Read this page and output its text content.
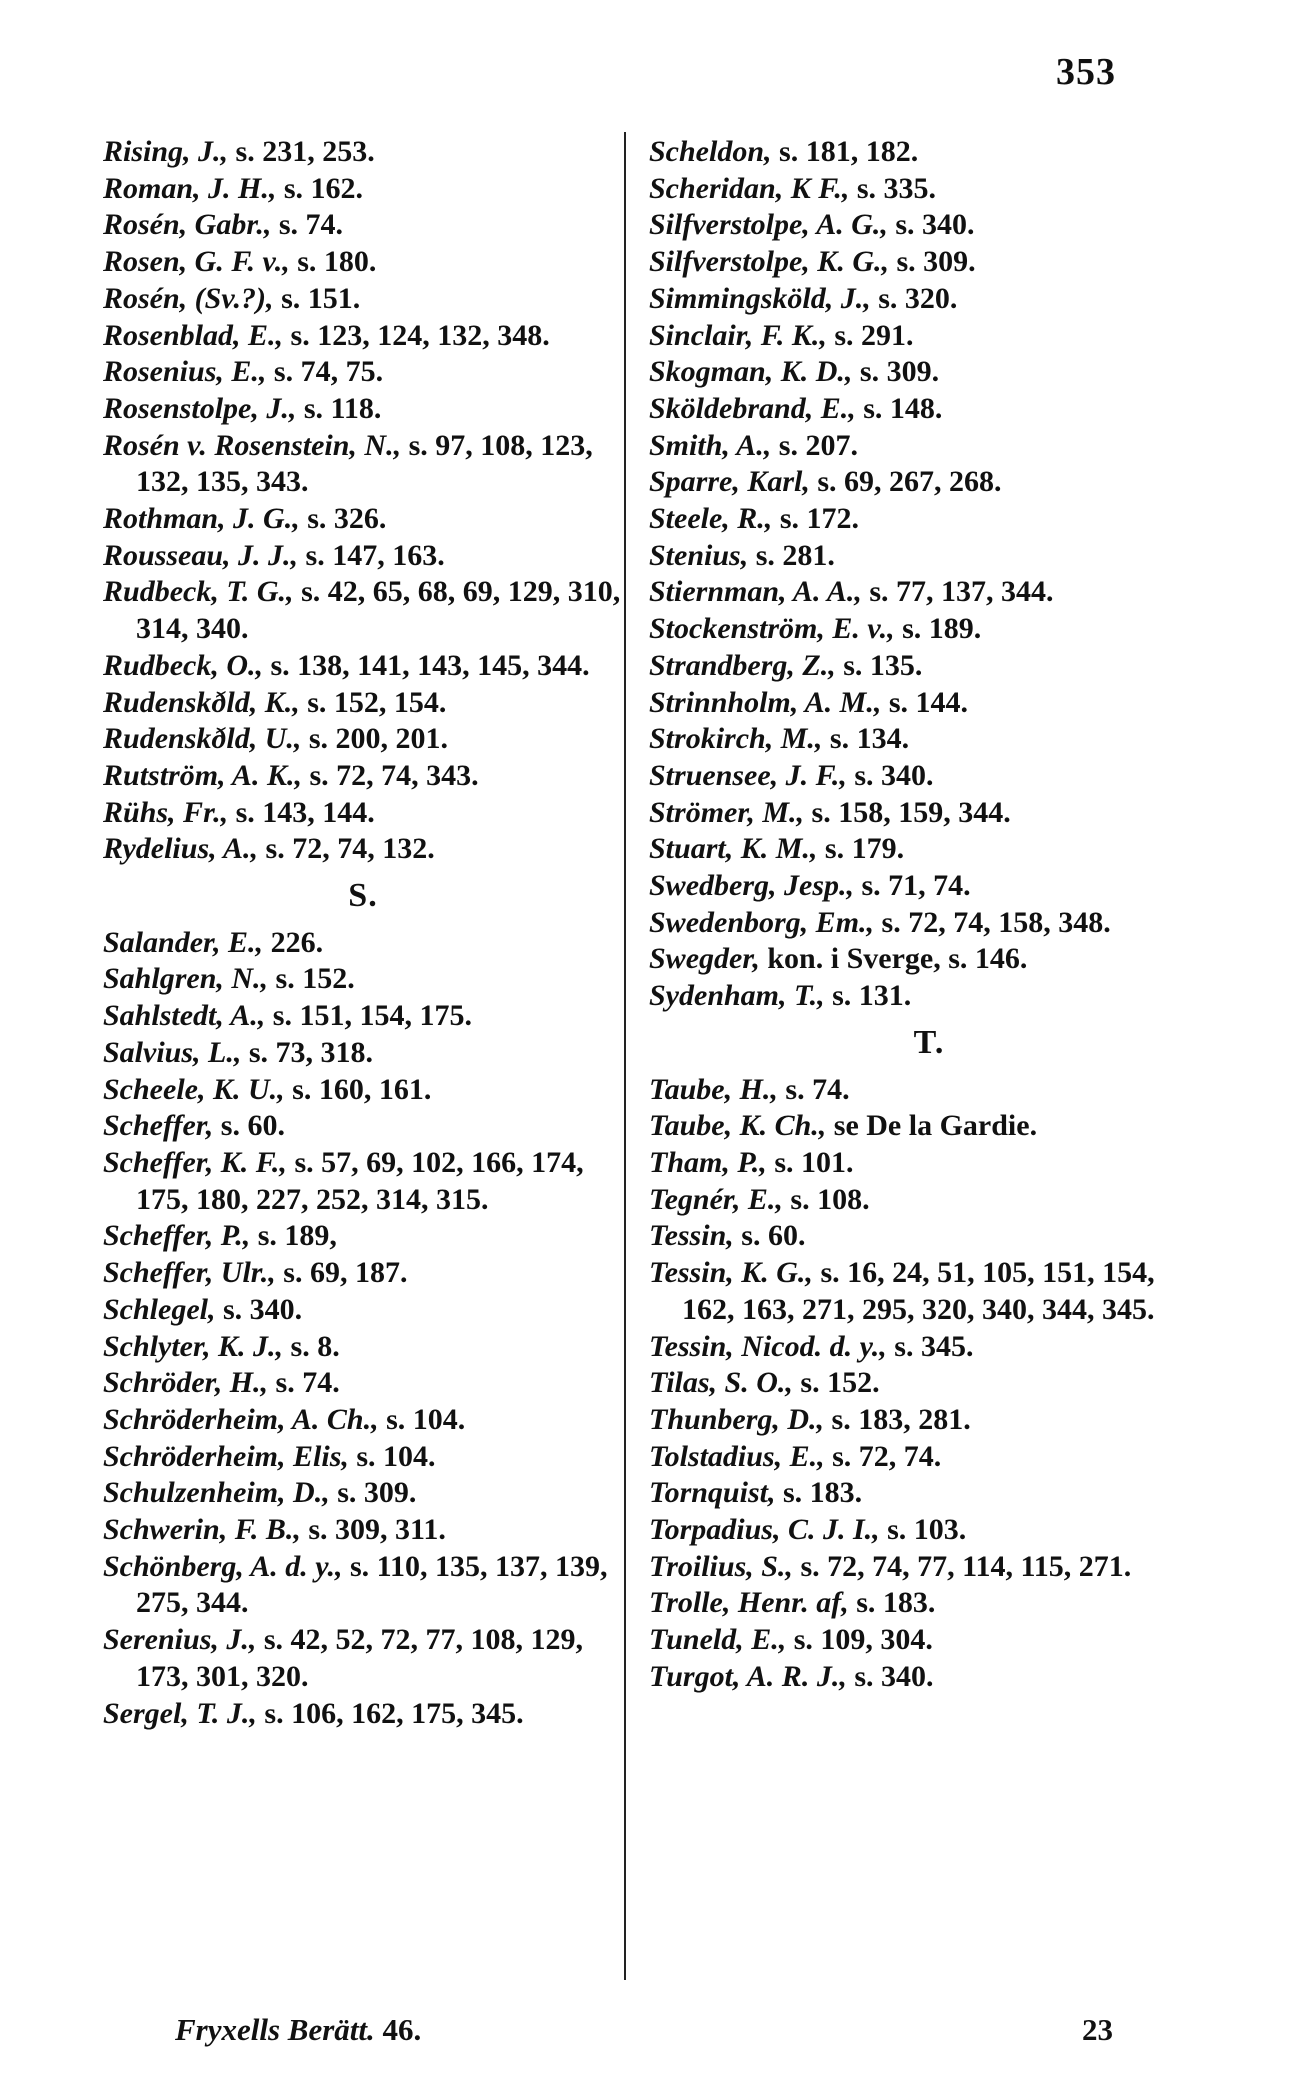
353

Rising, J., s. 231, 253.

Roman, J. H., s. 162.

Rosén, Gabr., s. 74.

Rosen, G. F. v., s. 180.

Rosén, (Sv.?), s. 151.

Rosenblad, E., s. 123, 124, 132, 348.

Rosenius, E., s. 74, 75.

Rosenstolpe, J., s. 118.

Rosén v. Rosenstein, N., s. 97, 108, 123, 132, 135, 343.

Rothman, J. G., s. 326.

Rousseau, J. J., s. 147, 163.

Rudbeck, T. G., s. 42, 65, 68, 69, 129, 310, 314, 340.

Rudbeck, O., s. 138, 141, 143, 145, 344.

Rudenskðld, K., s. 152, 154.

Rudenskðld, U., s. 200, 201.

Rutström, A. K., s. 72, 74, 343.

Rühs, Fr., s. 143, 144.

Rydelius, A., s. 72, 74, 132.

S.

Salander, E., 226.

Sahlgren, N., s. 152.

Sahlstedt, A., s. 151, 154, 175.

Salvius, L., s. 73, 318.

Scheele, K. U., s. 160, 161.

Scheffer, s. 60.

Scheffer, K. F., s. 57, 69, 102, 166, 174, 175, 180, 227, 252, 314, 315.

Scheffer, P., s. 189,

Scheffer, Ulr., s. 69, 187.

Schlegel, s. 340.

Schlyter, K. J., s. 8.

Schröder, H., s. 74.

Schröderheim, A. Ch., s. 104.

Schröderheim, Elis, s. 104.

Schulzenheim, D., s. 309.

Schwerin, F. B., s. 309, 311.

Schönberg, A. d. y., s. 110, 135, 137, 139, 275, 344.

Serenius, J., s. 42, 52, 72, 77, 108, 129, 173, 301, 320.

Sergel, T. J., s. 106, 162, 175, 345.

Scheldon, s. 181, 182.

Scheridan, K F., s. 335.

Silfverstolpe, A. G., s. 340.

Silfverstolpe, K. G., s. 309.

Simmingsköld, J., s. 320.

Sinclair, F. K., s. 291.

Skogman, K. D., s. 309.

Sköldebrand, E., s. 148.

Smith, A., s. 207.

Sparre, Karl, s. 69, 267, 268.

Steele, R., s. 172.

Stenius, s. 281.

Stiernman, A. A., s. 77, 137, 344.

Stockenström, E. v., s. 189.

Strandberg, Z., s. 135.

Strinnholm, A. M., s. 144.

Strokirch, M., s. 134.

Struensee, J. F., s. 340.

Strömer, M., s. 158, 159, 344.

Stuart, K. M., s. 179.

Swedberg, Jesp., s. 71, 74.

Swedenborg, Em., s. 72, 74, 158, 348.

Swegder, kon. i Sverge, s. 146.

Sydenham, T., s. 131.

T.

Taube, H., s. 74.

Taube, K. Ch., se De la Gardie.

Tham, P., s. 101.

Tegnér, E., s. 108.

Tessin, s. 60.

Tessin, K. G., s. 16, 24, 51, 105, 151, 154, 162, 163, 271, 295, 320, 340, 344, 345.

Tessin, Nicod. d. y., s. 345.

Tilas, S. O., s. 152.

Thunberg, D., s. 183, 281.

Tolstadius, E., s. 72, 74.

Tornquist, s. 183.

Torpadius, C. J. I., s. 103.

Troilius, S., s. 72, 74, 77, 114, 115, 271.

Trolle, Henr. af, s. 183.

Tuneld, E., s. 109, 304.

Turgot, A. R. J., s. 340.

Fryxells Berätt. 46.	23
